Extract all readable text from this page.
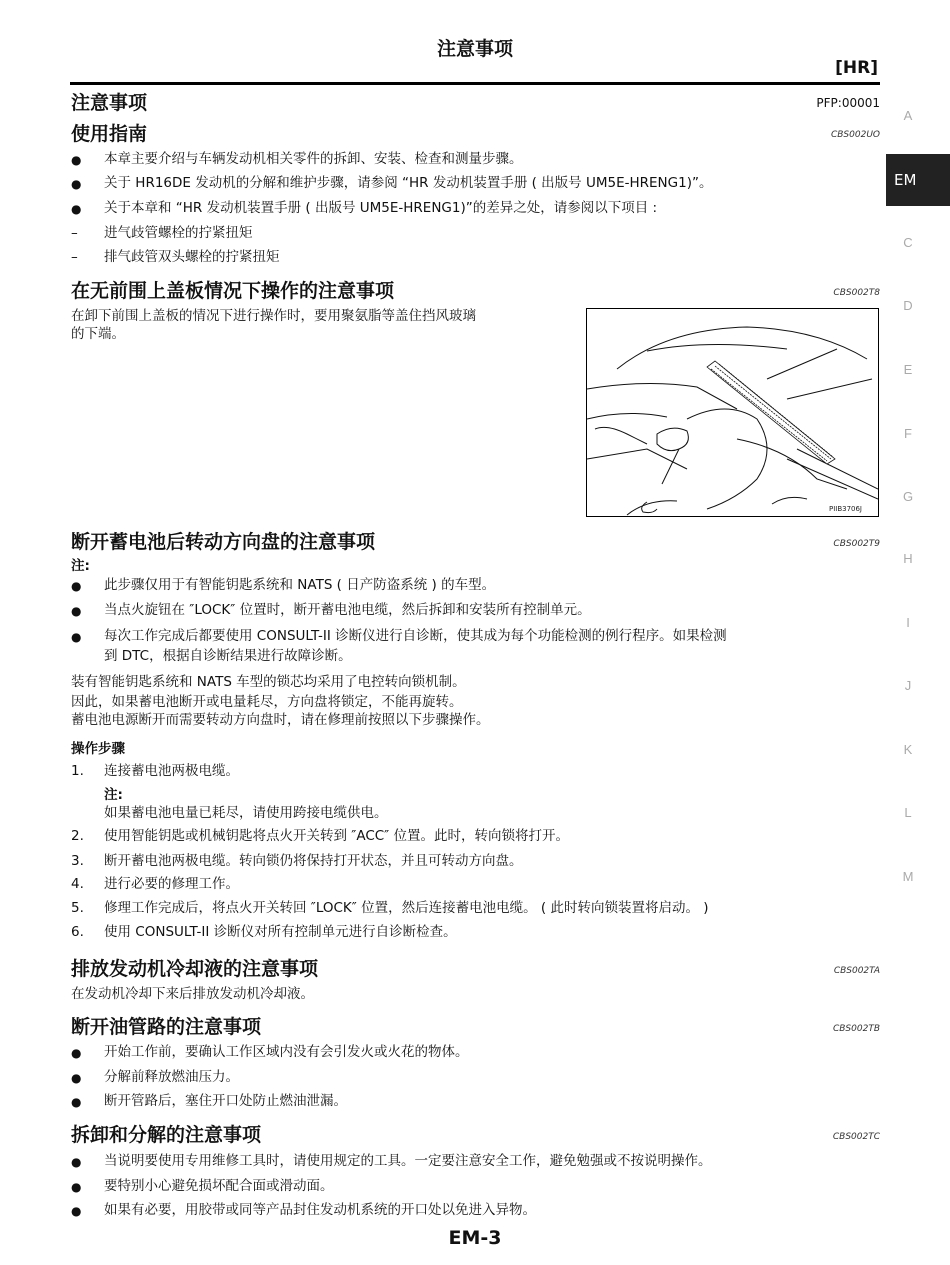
注意事项
[HR]
A
EM
C
D
E
F
G
H
I
J
K
L
M
注意事项	PFP:00001
使用指南	CBS002UO
● 本章主要介绍与车辆发动机相关零件的拆卸、安装、检查和测量步骤。
● 关于 HR16DE 发动机的分解和维护步骤，请参阅 “HR 发动机装置手册 ( 出版号 UM5E-HRENG1)”。
● 关于本章和 “HR 发动机装置手册 ( 出版号 UM5E-HRENG1)”的差异之处，请参阅以下项目 :
– 进气歧管螺栓的拧紧扭矩
– 排气歧管双头螺栓的拧紧扭矩
在无前围上盖板情况下操作的注意事项	CBS002T8
在卸下前围上盖板的情况下进行操作时，要用聚氨脂等盖住挡风玻璃
的下端。
PIIB3706J
断开蓄电池后转动方向盘的注意事项	CBS002T9
注:
● 此步骤仅用于有智能钥匙系统和 NATS ( 日产防盗系统 ) 的车型。
● 当点火旋钮在 ″LOCK″ 位置时，断开蓄电池电缆，然后拆卸和安装所有控制单元。
● 每次工作完成后都要使用 CONSULT-II 诊断仪进行自诊断，使其成为每个功能检测的例行程序。如果检测
到 DTC，根据自诊断结果进行故障诊断。
装有智能钥匙系统和 NATS 车型的锁芯均采用了电控转向锁机制。
因此，如果蓄电池断开或电量耗尽，方向盘将锁定，不能再旋转。
蓄电池电源断开而需要转动方向盘时，请在修理前按照以下步骤操作。
操作步骤
1. 连接蓄电池两极电缆。
注:
如果蓄电池电量已耗尽，请使用跨接电缆供电。
2. 使用智能钥匙或机械钥匙将点火开关转到 ″ACC″ 位置。此时，转向锁将打开。
3. 断开蓄电池两极电缆。转向锁仍将保持打开状态，并且可转动方向盘。
4. 进行必要的修理工作。
5. 修理工作完成后，将点火开关转回 ″LOCK″ 位置，然后连接蓄电池电缆。 ( 此时转向锁装置将启动。 )
6. 使用 CONSULT-II 诊断仪对所有控制单元进行自诊断检查。
排放发动机冷却液的注意事项	CBS002TA
在发动机冷却下来后排放发动机冷却液。
断开油管路的注意事项	CBS002TB
● 开始工作前，要确认工作区域内没有会引发火或火花的物体。
● 分解前释放燃油压力。
● 断开管路后，塞住开口处防止燃油泄漏。
拆卸和分解的注意事项	CBS002TC
● 当说明要使用专用维修工具时，请使用规定的工具。一定要注意安全工作，避免勉强或不按说明操作。
● 要特别小心避免损坏配合面或滑动面。
● 如果有必要，用胶带或同等产品封住发动机系统的开口处以免进入异物。
EM-3
